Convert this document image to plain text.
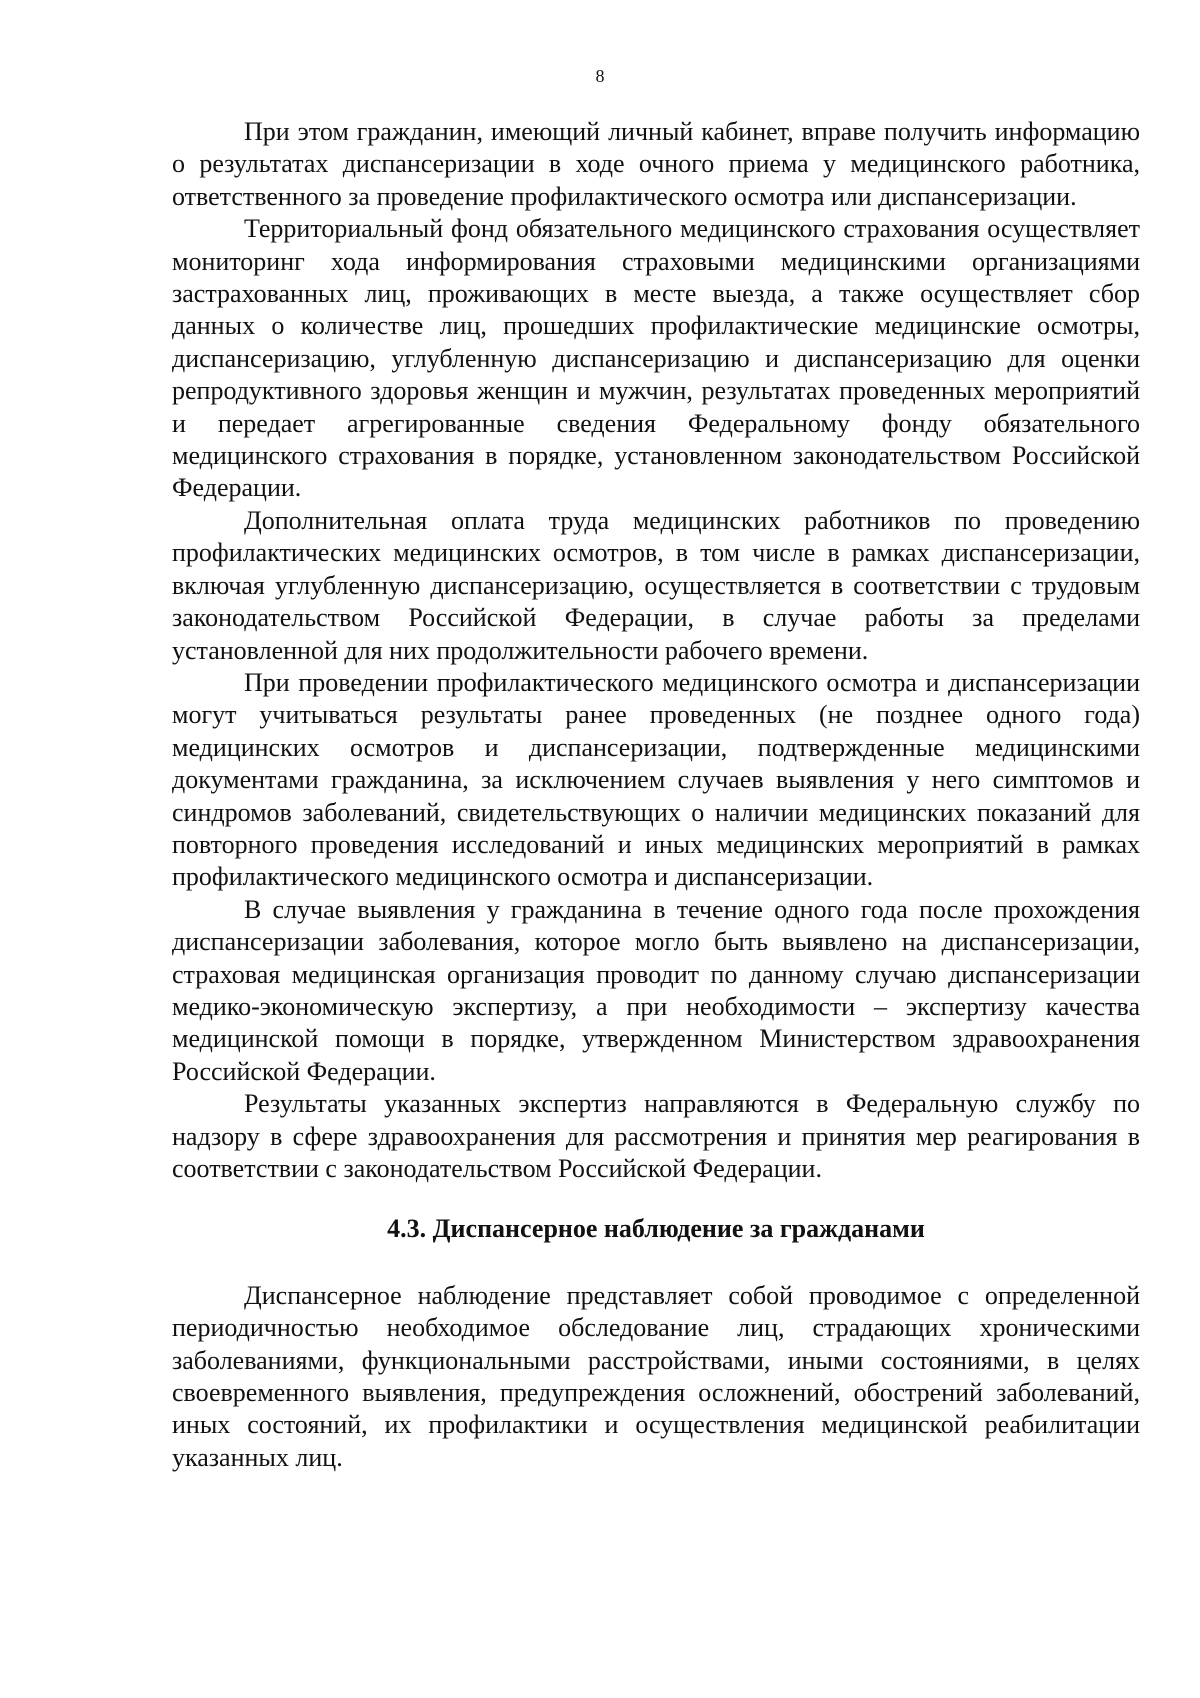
8

При этом гражданин, имеющий личный кабинет, вправе получить информацию о результатах диспансеризации в ходе очного приема у медицинского работника, ответственного за проведение профилактического осмотра или диспансеризации.

Территориальный фонд обязательного медицинского страхования осуществляет мониторинг хода информирования страховыми медицинскими организациями застрахованных лиц, проживающих в месте выезда, а также осуществляет сбор данных о количестве лиц, прошедших профилактические медицинские осмотры, диспансеризацию, углубленную диспансеризацию и диспансеризацию для оценки репродуктивного здоровья женщин и мужчин, результатах проведенных мероприятий и передает агрегированные сведения Федеральному фонду обязательного медицинского страхования в порядке, установленном законодательством Российской Федерации.

Дополнительная оплата труда медицинских работников по проведению профилактических медицинских осмотров, в том числе в рамках диспансеризации, включая углубленную диспансеризацию, осуществляется в соответствии с трудовым законодательством Российской Федерации, в случае работы за пределами установленной для них продолжительности рабочего времени.

При проведении профилактического медицинского осмотра и диспансеризации могут учитываться результаты ранее проведенных (не позднее одного года) медицинских осмотров и диспансеризации, подтвержденные медицинскими документами гражданина, за исключением случаев выявления у него симптомов и синдромов заболеваний, свидетельствующих о наличии медицинских показаний для повторного проведения исследований и иных медицинских мероприятий в рамках профилактического медицинского осмотра и диспансеризации.

В случае выявления у гражданина в течение одного года после прохождения диспансеризации заболевания, которое могло быть выявлено на диспансеризации, страховая медицинская организация проводит по данному случаю диспансеризации медико-экономическую экспертизу, а при необходимости – экспертизу качества медицинской помощи в порядке, утвержденном Министерством здравоохранения Российской Федерации.

Результаты указанных экспертиз направляются в Федеральную службу по надзору в сфере здравоохранения для рассмотрения и принятия мер реагирования в соответствии с законодательством Российской Федерации.

4.3. Диспансерное наблюдение за гражданами

Диспансерное наблюдение представляет собой проводимое с определенной периодичностью необходимое обследование лиц, страдающих хроническими заболеваниями, функциональными расстройствами, иными состояниями, в целях своевременного выявления, предупреждения осложнений, обострений заболеваний, иных состояний, их профилактики и осуществления медицинской реабилитации указанных лиц.
